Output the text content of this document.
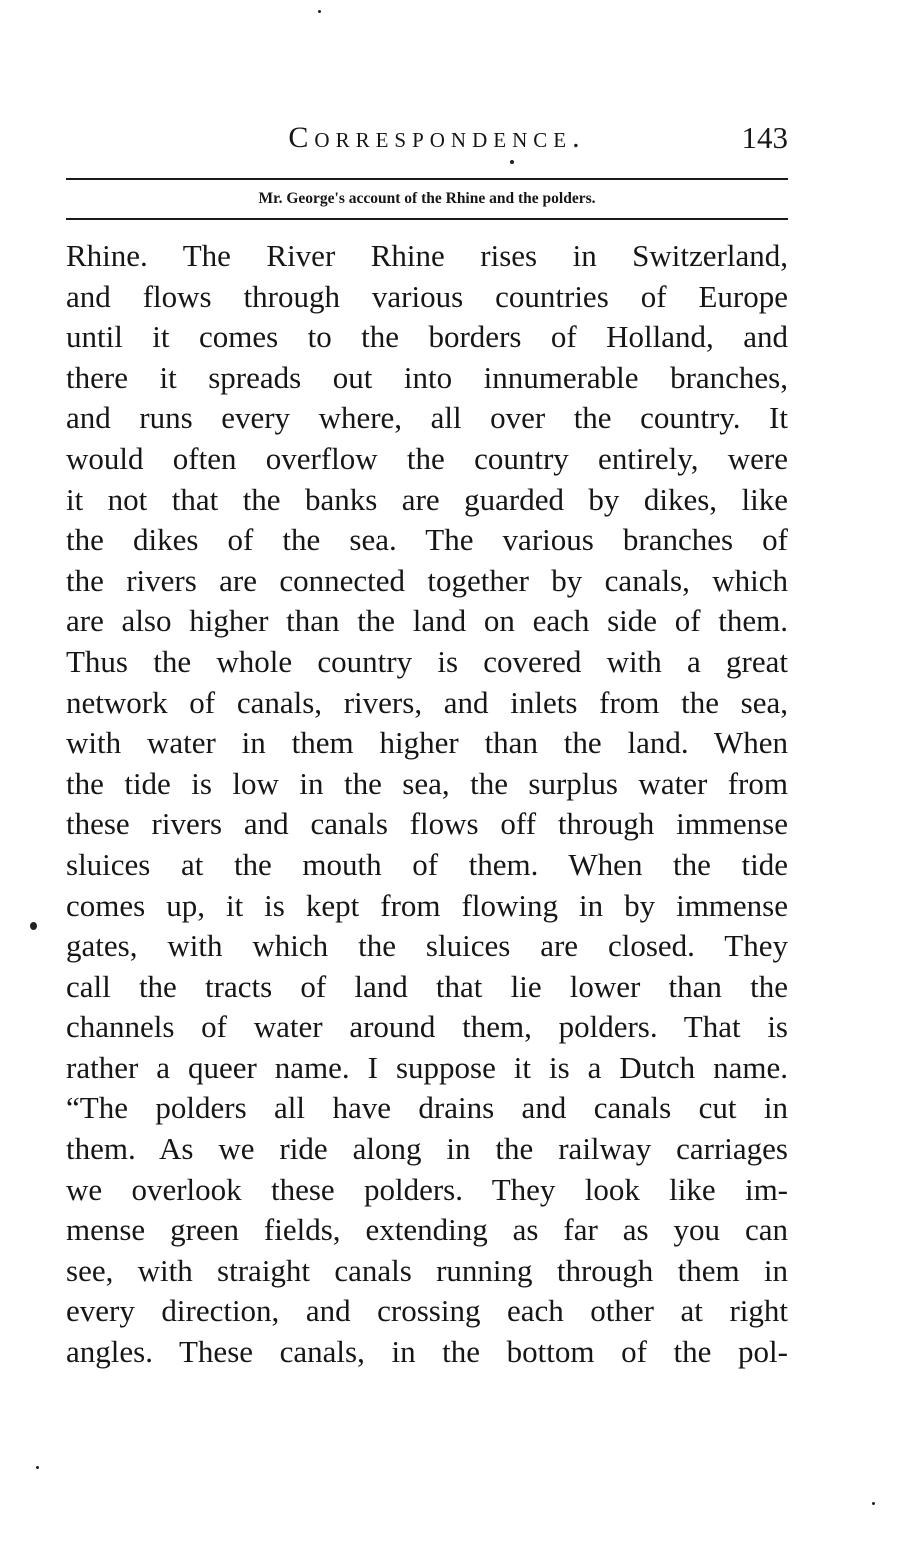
Correspondence.	143
Mr. George's account of the Rhine and the polders.
Rhine. The River Rhine rises in Switzerland,
and flows through various countries of Europe
until it comes to the borders of Holland, and
there it spreads out into innumerable branches,
and runs every where, all over the country. It
would often overflow the country entirely, were
it not that the banks are guarded by dikes, like
the dikes of the sea. The various branches of
the rivers are connected together by canals, which
are also higher than the land on each side of them.
Thus the whole country is covered with a great
network of canals, rivers, and inlets from the sea,
with water in them higher than the land. When
the tide is low in the sea, the surplus water from
these rivers and canals flows off through immense
sluices at the mouth of them. When the tide
comes up, it is kept from flowing in by immense
gates, with which the sluices are closed. They
call the tracts of land that lie lower than the
channels of water around them, polders. That is
rather a queer name. I suppose it is a Dutch name.
“The polders all have drains and canals cut in
them. As we ride along in the railway carriages
we overlook these polders. They look like im-
mense green fields, extending as far as you can
see, with straight canals running through them in
every direction, and crossing each other at right
angles. These canals, in the bottom of the pol-
